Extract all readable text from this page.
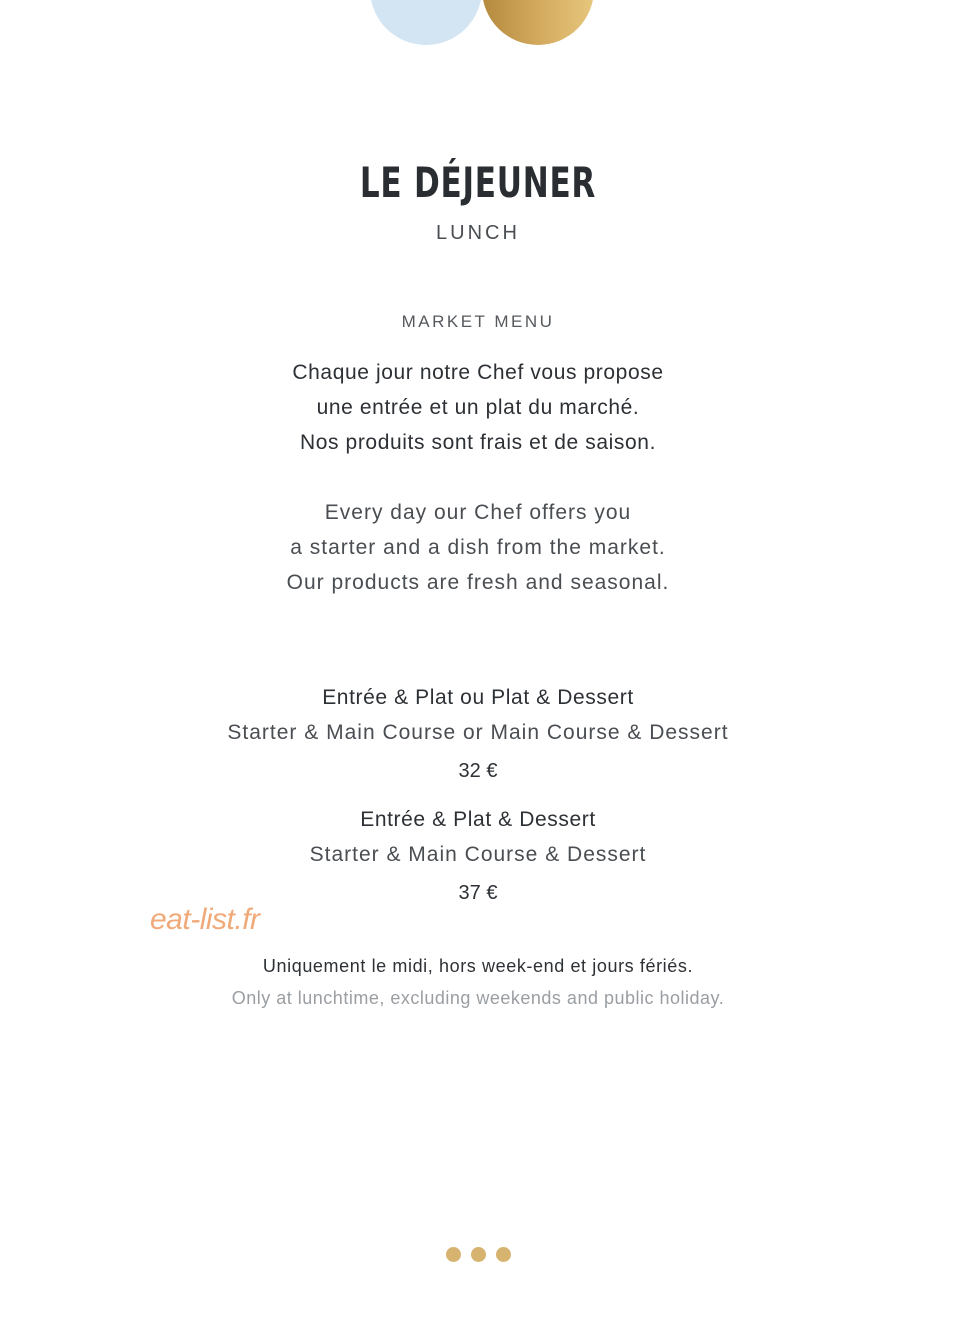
LE DÉJEUNER
LUNCH
MARKET MENU
Chaque jour notre Chef vous propose
une entrée et un plat du marché.
Nos produits sont frais et de saison.
Every day our Chef offers you
a starter and a dish from the market.
Our products are fresh and seasonal.
Entrée & Plat ou Plat & Dessert
Starter & Main Course or Main Course & Dessert
32 €
Entrée & Plat & Dessert
Starter & Main Course & Dessert
37 €
eat-list.fr
Uniquement le midi, hors week-end et jours fériés.
Only at lunchtime, excluding weekends and public holiday.
